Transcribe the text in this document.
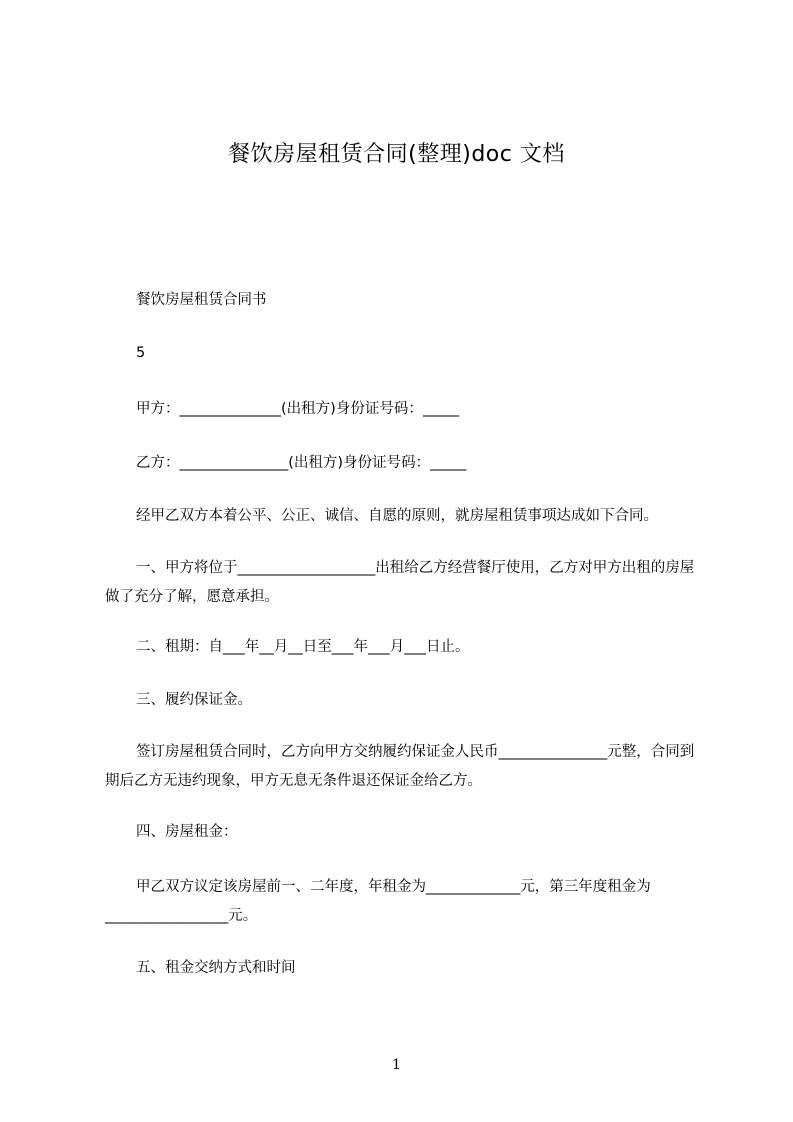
餐饮房屋租赁合同(整理)doc 文档
餐饮房屋租赁合同书
5
甲方：______________(出租方)身份证号码：_____
乙方：_______________(出租方)身份证号码：_____
经甲乙双方本着公平、公正、诚信、自愿的原则，就房屋租赁事项达成如下合同。
一、甲方将位于___________________出租给乙方经营餐厅使用，乙方对甲方出租的房屋做了充分了解，愿意承担。
二、租期：自___年__月__日至___年___月___日止。
三、履约保证金。
签订房屋租赁合同时，乙方向甲方交纳履约保证金人民币_______________元整，合同到期后乙方无违约现象，甲方无息无条件退还保证金给乙方。
四、房屋租金：
甲乙双方议定该房屋前一、二年度，年租金为_____________元，第三年度租金为_________________元。
五、租金交纳方式和时间
1
